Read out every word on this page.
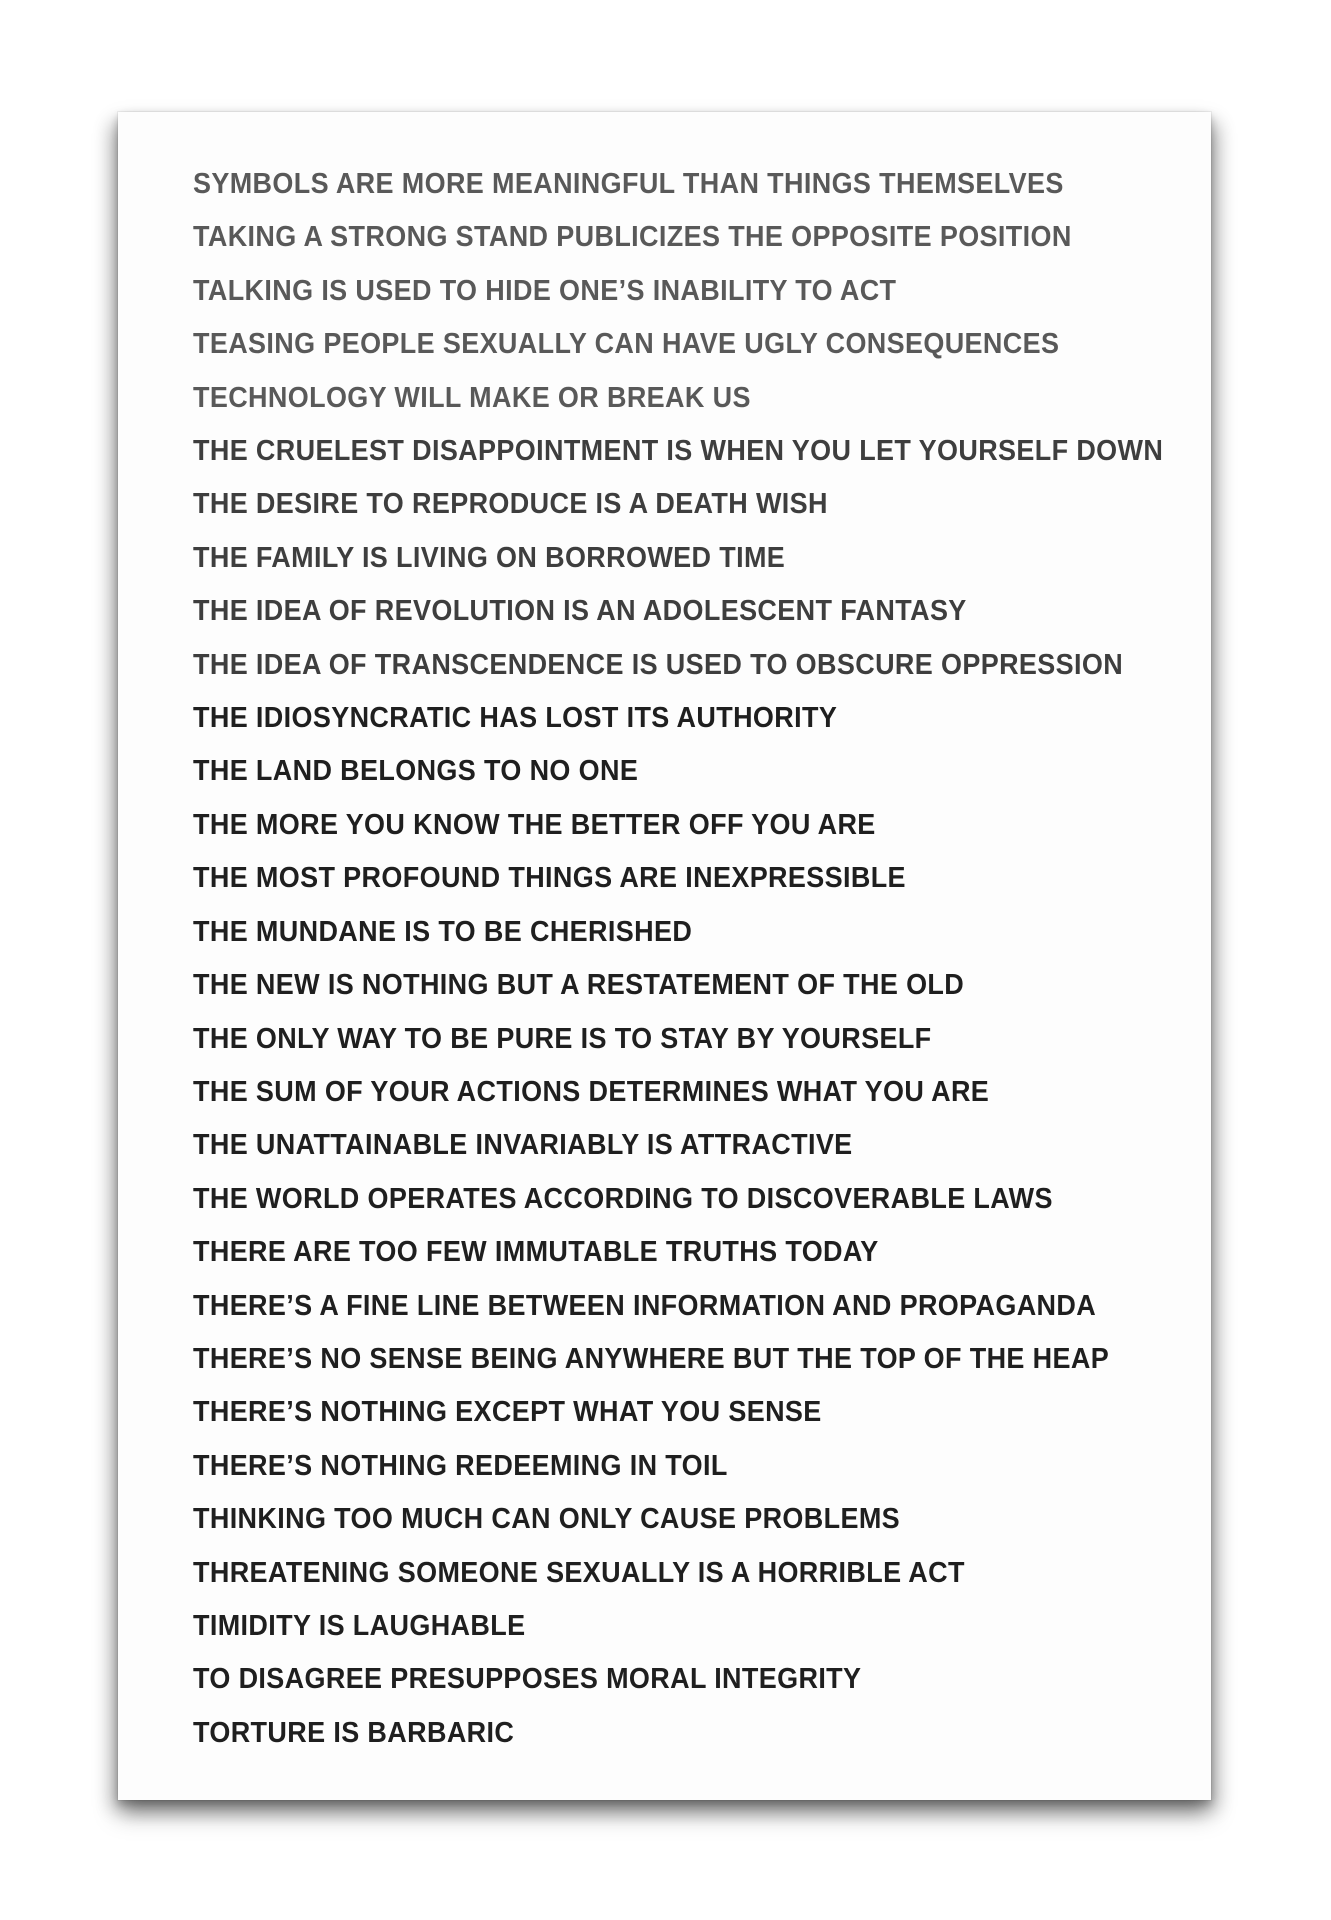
SYMBOLS ARE MORE MEANINGFUL THAN THINGS THEMSELVES
TAKING A STRONG STAND PUBLICIZES THE OPPOSITE POSITION
TALKING IS USED TO HIDE ONE’S INABILITY TO ACT
TEASING PEOPLE SEXUALLY CAN HAVE UGLY CONSEQUENCES
TECHNOLOGY WILL MAKE OR BREAK US
THE CRUELEST DISAPPOINTMENT IS WHEN YOU LET YOURSELF DOWN
THE DESIRE TO REPRODUCE IS A DEATH WISH
THE FAMILY IS LIVING ON BORROWED TIME
THE IDEA OF REVOLUTION IS AN ADOLESCENT FANTASY
THE IDEA OF TRANSCENDENCE IS USED TO OBSCURE OPPRESSION
THE IDIOSYNCRATIC HAS LOST ITS AUTHORITY
THE LAND BELONGS TO NO ONE
THE MORE YOU KNOW THE BETTER OFF YOU ARE
THE MOST PROFOUND THINGS ARE INEXPRESSIBLE
THE MUNDANE IS TO BE CHERISHED
THE NEW IS NOTHING BUT A RESTATEMENT OF THE OLD
THE ONLY WAY TO BE PURE IS TO STAY BY YOURSELF
THE SUM OF YOUR ACTIONS DETERMINES WHAT YOU ARE
THE UNATTAINABLE INVARIABLY IS ATTRACTIVE
THE WORLD OPERATES ACCORDING TO DISCOVERABLE LAWS
THERE ARE TOO FEW IMMUTABLE TRUTHS TODAY
THERE’S A FINE LINE BETWEEN INFORMATION AND PROPAGANDA
THERE’S NO SENSE BEING ANYWHERE BUT THE TOP OF THE HEAP
THERE’S NOTHING EXCEPT WHAT YOU SENSE
THERE’S NOTHING REDEEMING IN TOIL
THINKING TOO MUCH CAN ONLY CAUSE PROBLEMS
THREATENING SOMEONE SEXUALLY IS A HORRIBLE ACT
TIMIDITY IS LAUGHABLE
TO DISAGREE PRESUPPOSES MORAL INTEGRITY
TORTURE IS BARBARIC
